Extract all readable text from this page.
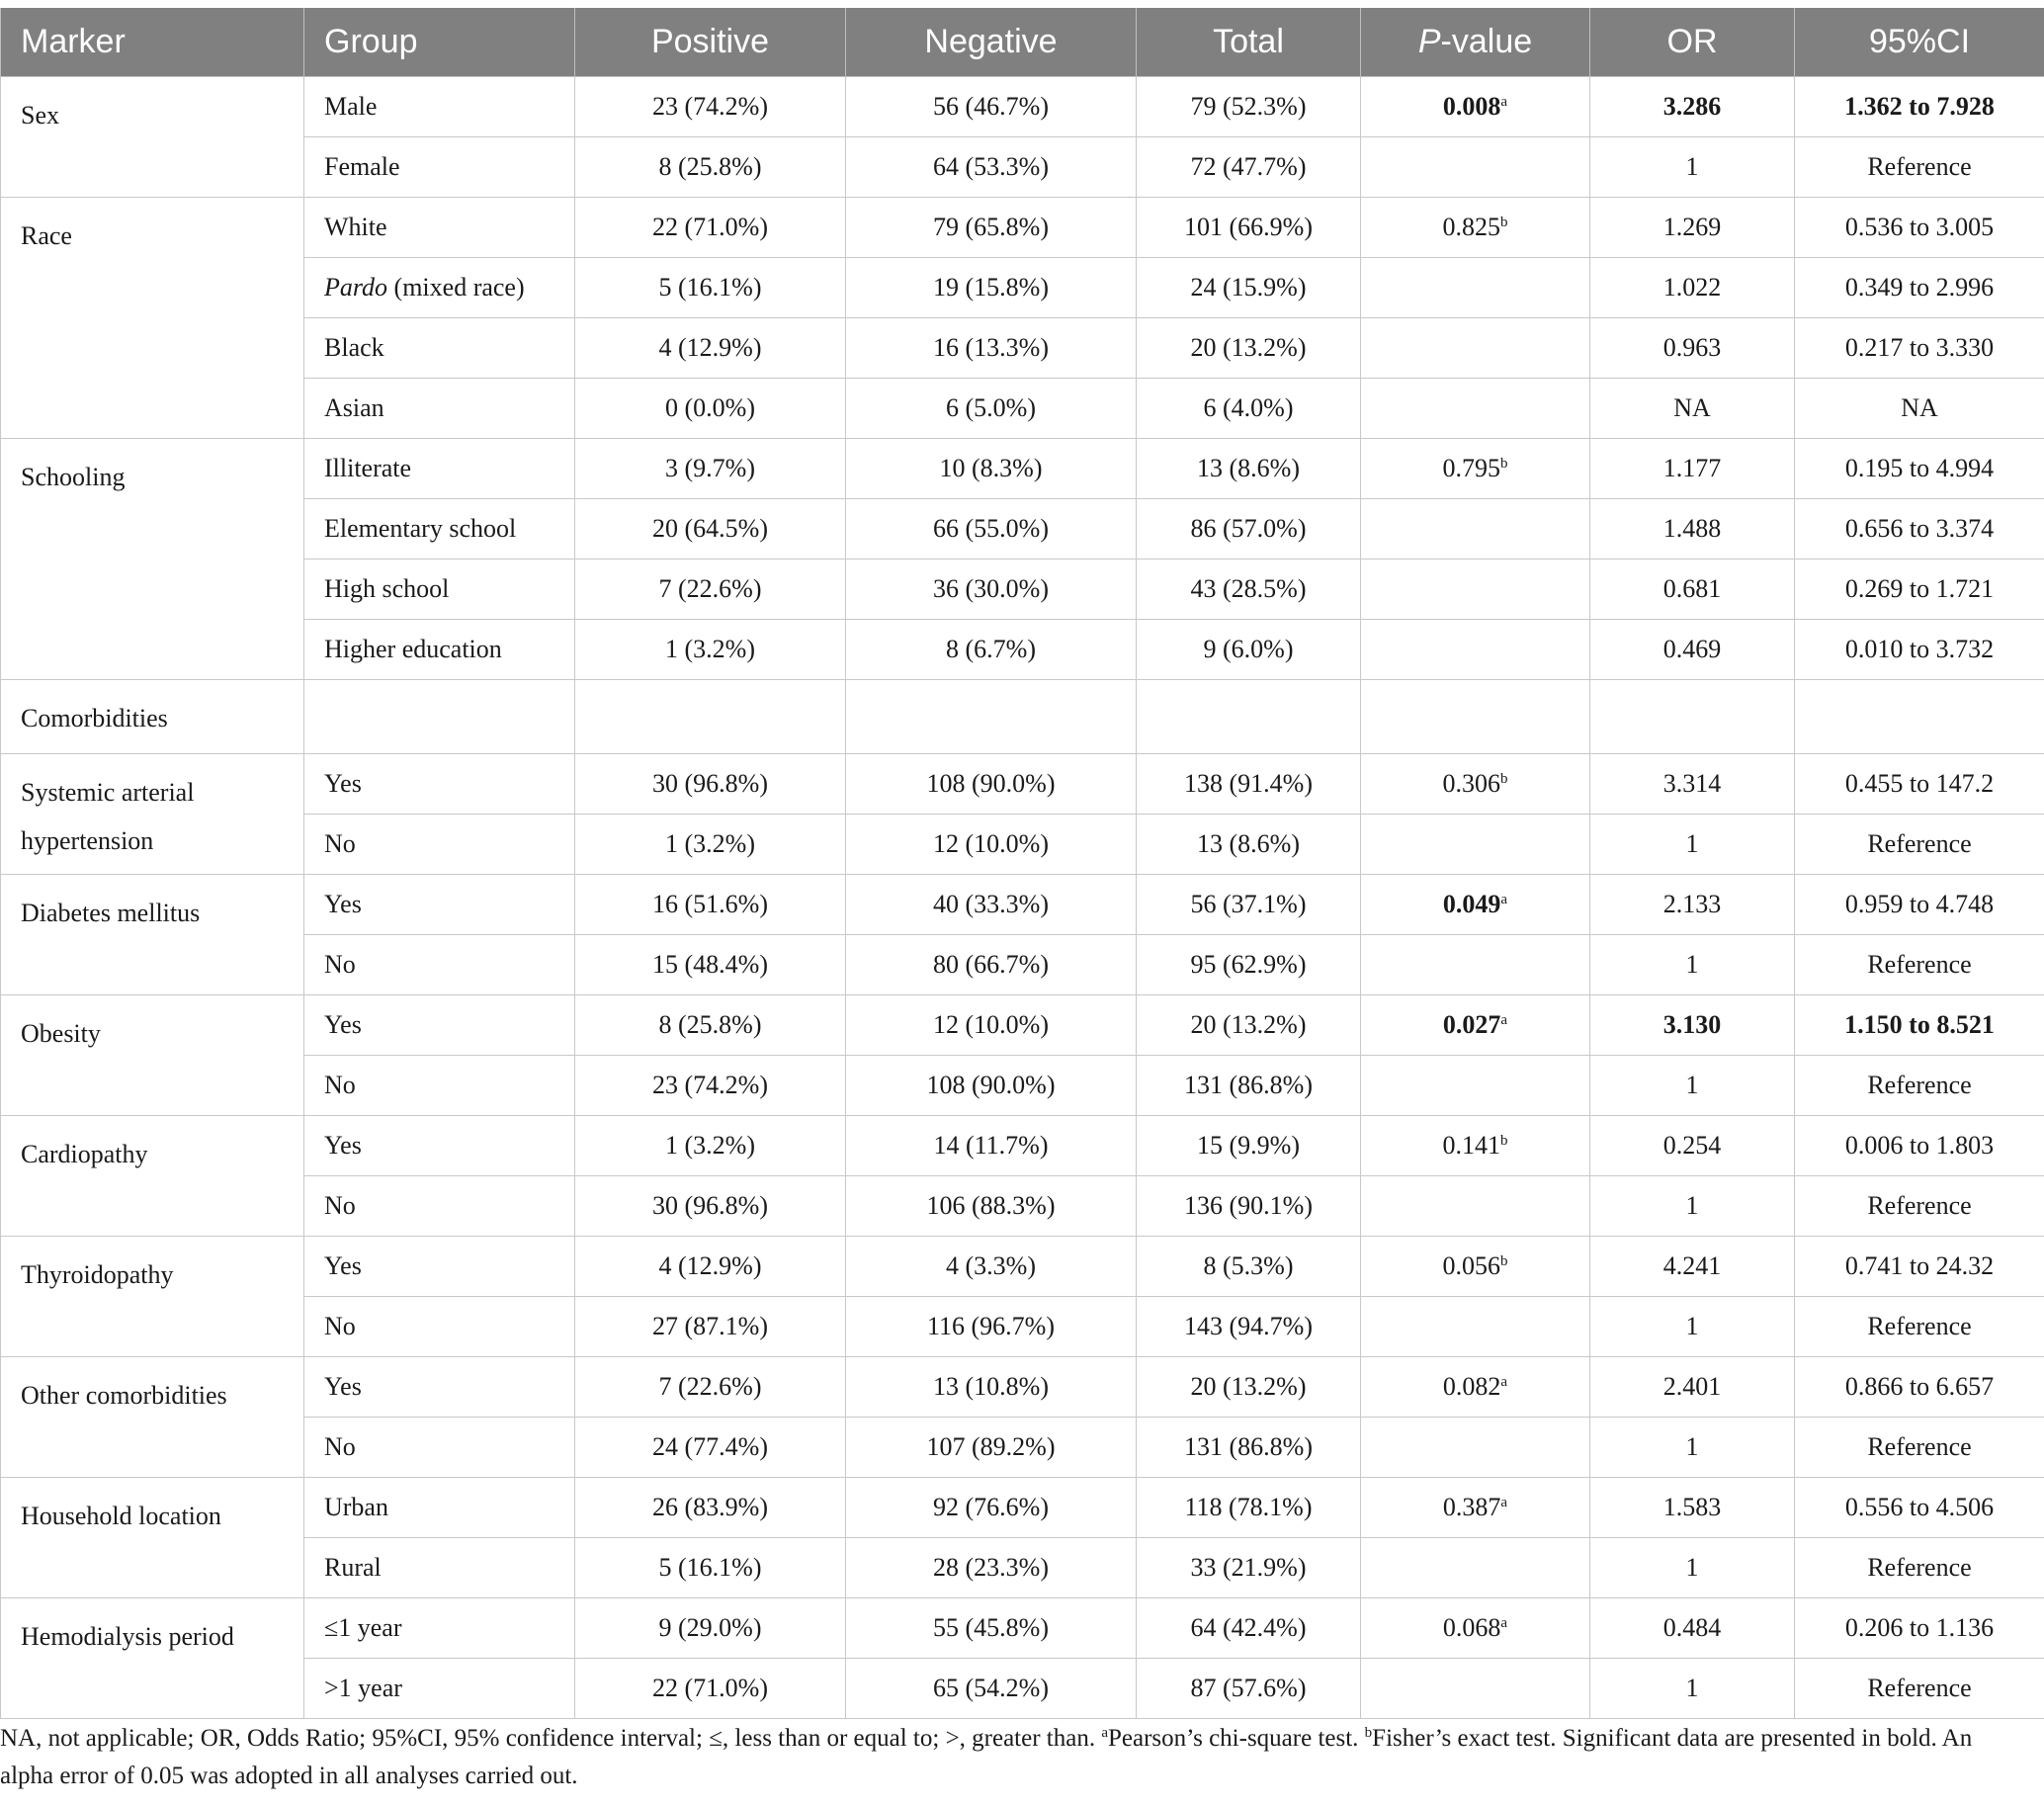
Marker	Group	Positive	Negative	Total	P-value	OR	95%CI
Sex	Male	23 (74.2%)	56 (46.7%)	79 (52.3%)	0.008$^a$	3.286	1.362 to 7.928
	Female	8 (25.8%)	64 (53.3%)	72 (47.7%)		1	Reference
Race	White	22 (71.0%)	79 (65.8%)	101 (66.9%)	0.825$^b$	1.269	0.536 to 3.005
	Pardo (mixed race)	5 (16.1%)	19 (15.8%)	24 (15.9%)		1.022	0.349 to 2.996
	Black	4 (12.9%)	16 (13.3%)	20 (13.2%)		0.963	0.217 to 3.330
	Asian	0 (0.0%)	6 (5.0%)	6 (4.0%)		NA	NA
Schooling	Illiterate	3 (9.7%)	10 (8.3%)	13 (8.6%)	0.795$^b$	1.177	0.195 to 4.994
	Elementary school	20 (64.5%)	66 (55.0%)	86 (57.0%)		1.488	0.656 to 3.374
	High school	7 (22.6%)	36 (30.0%)	43 (28.5%)		0.681	0.269 to 1.721
	Higher education	1 (3.2%)	8 (6.7%)	9 (6.0%)		0.469	0.010 to 3.732
Comorbidities							
Systemic arterial hypertension	Yes	30 (96.8%)	108 (90.0%)	138 (91.4%)	0.306$^b$	3.314	0.455 to 147.2
	No	1 (3.2%)	12 (10.0%)	13 (8.6%)		1	Reference
Diabetes mellitus	Yes	16 (51.6%)	40 (33.3%)	56 (37.1%)	0.049$^a$	2.133	0.959 to 4.748
	No	15 (48.4%)	80 (66.7%)	95 (62.9%)		1	Reference
Obesity	Yes	8 (25.8%)	12 (10.0%)	20 (13.2%)	0.027$^a$	3.130	1.150 to 8.521
	No	23 (74.2%)	108 (90.0%)	131 (86.8%)		1	Reference
Cardiopathy	Yes	1 (3.2%)	14 (11.7%)	15 (9.9%)	0.141$^b$	0.254	0.006 to 1.803
	No	30 (96.8%)	106 (88.3%)	136 (90.1%)		1	Reference
Thyroidopathy	Yes	4 (12.9%)	4 (3.3%)	8 (5.3%)	0.056$^b$	4.241	0.741 to 24.32
	No	27 (87.1%)	116 (96.7%)	143 (94.7%)		1	Reference
Other comorbidities	Yes	7 (22.6%)	13 (10.8%)	20 (13.2%)	0.082$^a$	2.401	0.866 to 6.657
	No	24 (77.4%)	107 (89.2%)	131 (86.8%)		1	Reference
Household location	Urban	26 (83.9%)	92 (76.6%)	118 (78.1%)	0.387$^a$	1.583	0.556 to 4.506
	Rural	5 (16.1%)	28 (23.3%)	33 (21.9%)		1	Reference
Hemodialysis period	≤1 year	9 (29.0%)	55 (45.8%)	64 (42.4%)	0.068$^a$	0.484	0.206 to 1.136
	>1 year	22 (71.0%)	65 (54.2%)	87 (57.6%)		1	Reference
NA, not applicable; OR, Odds Ratio; 95%CI, 95% confidence interval; ≤, less than or equal to; >, greater than. $^a$Pearson’s chi-square test. $^b$Fisher’s exact test. Significant data are presented in bold. An alpha error of 0.05 was adopted in all analyses carried out.
